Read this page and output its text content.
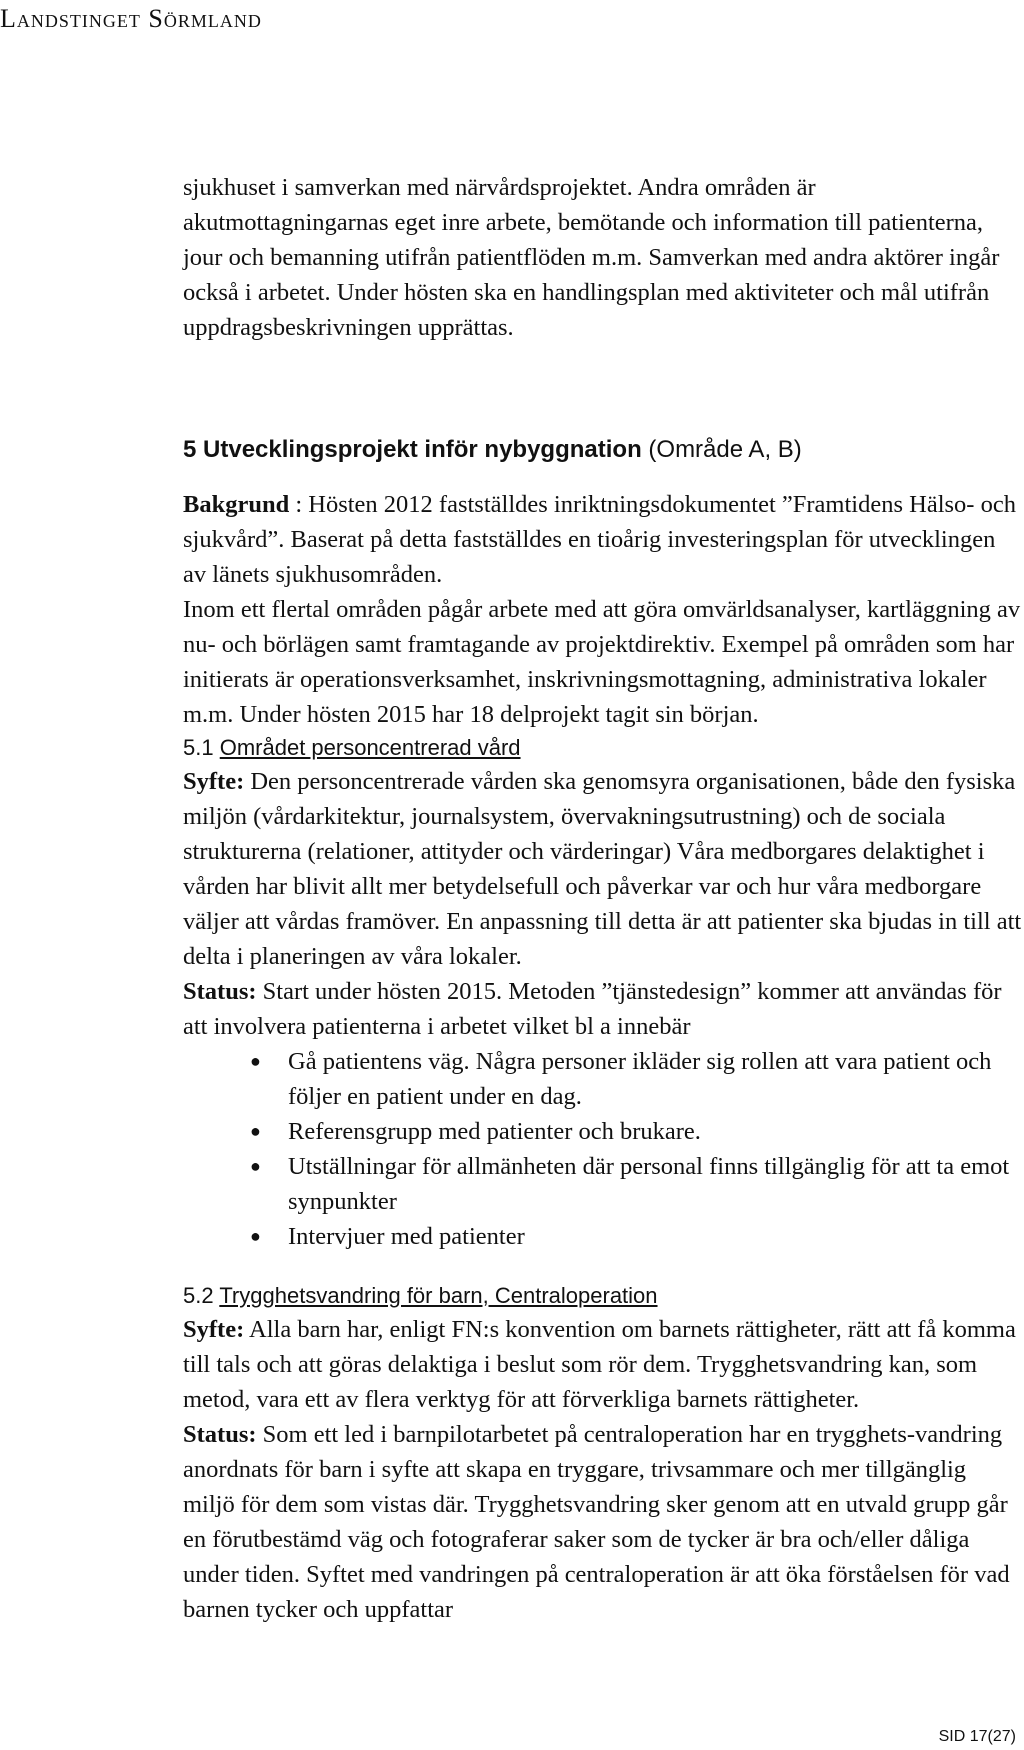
Landstinget Sörmland

sjukhuset i samverkan med närvårdsprojektet. Andra områden är akutmottagningarnas eget inre arbete, bemötande och information till patienterna, jour och bemanning utifrån patientflöden m.m. Samverkan med andra aktörer ingår också i arbetet. Under hösten ska en handlingsplan med aktiviteter och mål utifrån uppdragsbeskrivningen upprättas.

5 Utvecklingsprojekt inför nybyggnation (Område A, B)

Bakgrund : Hösten 2012 fastställdes inriktningsdokumentet ”Framtidens Hälso- och sjukvård”. Baserat på detta fastställdes en tioårig investeringsplan för utvecklingen av länets sjukhusområden.

Inom ett flertal områden pågår arbete med att göra omvärldsanalyser, kartläggning av nu- och börlägen samt framtagande av projektdirektiv. Exempel på områden som har initierats är operationsverksamhet, inskrivningsmottagning, administrativa lokaler m.m. Under hösten 2015 har 18 delprojekt tagit sin början.

5.1 Området personcentrerad vård

Syfte: Den personcentrerade vården ska genomsyra organisationen, både den fysiska miljön (vårdarkitektur, journalsystem, övervakningsutrustning) och de sociala strukturerna (relationer, attityder och värderingar) Våra medborgares delaktighet i vården har blivit allt mer betydelsefull och påverkar var och hur våra medborgare väljer att vårdas framöver. En anpassning till detta är att patienter ska bjudas in till att delta i planeringen av våra lokaler.

Status: Start under hösten 2015. Metoden ”tjänstedesign” kommer att användas för att involvera patienterna i arbetet vilket bl a innebär

● Gå patientens väg. Några personer ikläder sig rollen att vara patient och följer en patient under en dag.
● Referensgrupp med patienter och brukare.
● Utställningar för allmänheten där personal finns tillgänglig för att ta emot synpunkter
● Intervjuer med patienter

5.2 Trygghetsvandring för barn, Centraloperation

Syfte: Alla barn har, enligt FN:s konvention om barnets rättigheter, rätt att få komma till tals och att göras delaktiga i beslut som rör dem. Trygghetsvandring kan, som metod, vara ett av flera verktyg för att förverkliga barnets rättigheter.

Status: Som ett led i barnpilotarbetet på centraloperation har en trygghets-vandring anordnats för barn i syfte att skapa en tryggare, trivsammare och mer tillgänglig miljö för dem som vistas där. Trygghetsvandring sker genom att en utvald grupp går en förutbestämd väg och fotograferar saker som de tycker är bra och/eller dåliga under tiden. Syftet med vandringen på centraloperation är att öka förståelsen för vad barnen tycker och uppfattar

SID 17(27)
